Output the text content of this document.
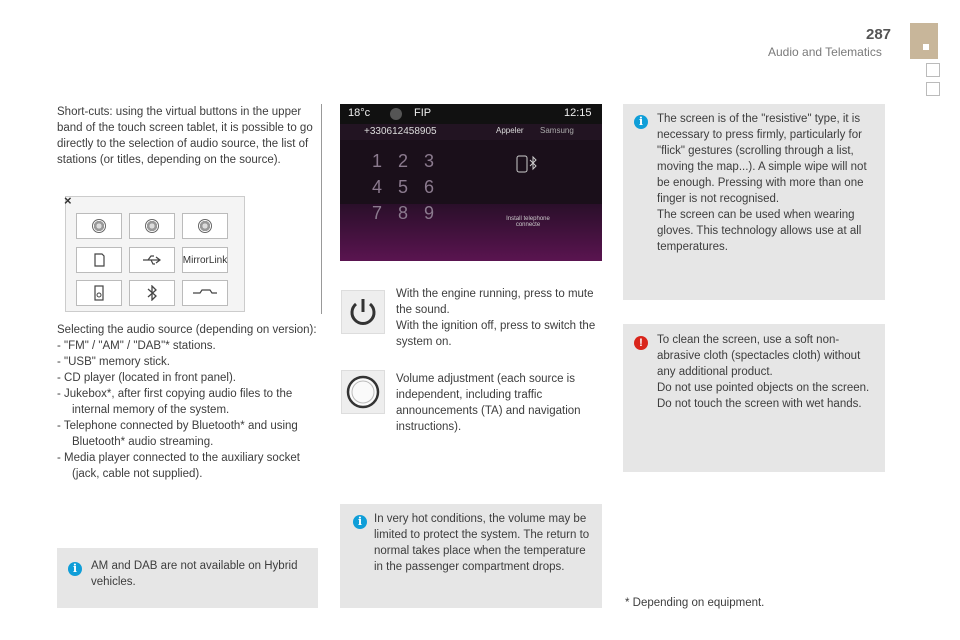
287
Audio and Telematics
Short-cuts: using the virtual buttons in the upper band of the touch screen tablet, it is possible to go directly to the selection of audio source, the list of stations (or titles, depending on the source).
×
MirrorLink
Selecting the audio source (depending on version):
- "FM" / "AM" / "DAB"* stations.
- "USB" memory stick.
- CD player (located in front panel).
- Jukebox*, after first copying audio files to the internal memory of the system.
- Telephone connected by Bluetooth* and using Bluetooth* audio streaming.
- Media player connected to the auxiliary socket (jack, cable not supplied).
i	AM and DAB are not available on Hybrid vehicles.
18°c	FIP	12:15
+330612458905	Appeler Samsung
1 2 3 4 5 6 7 8 9	Install telephone
connecte
With the engine running, press to mute the sound.
With the ignition off, press to switch the system on.
Volume adjustment (each source is independent, including traffic announcements (TA) and navigation instructions).
i	In very hot conditions, the volume may be limited to protect the system. The return to normal takes place when the temperature in the passenger compartment drops.
i	The screen is of the "resistive" type, it is necessary to press firmly, particularly for "flick" gestures (scrolling through a list, moving the map...). A simple wipe will not be enough. Pressing with more than one finger is not recognised.
The screen can be used when wearing gloves. This technology allows use at all temperatures.
!	To clean the screen, use a soft non-abrasive cloth (spectacles cloth) without any additional product.
Do not use pointed objects on the screen.
Do not touch the screen with wet hands.
* Depending on equipment.
